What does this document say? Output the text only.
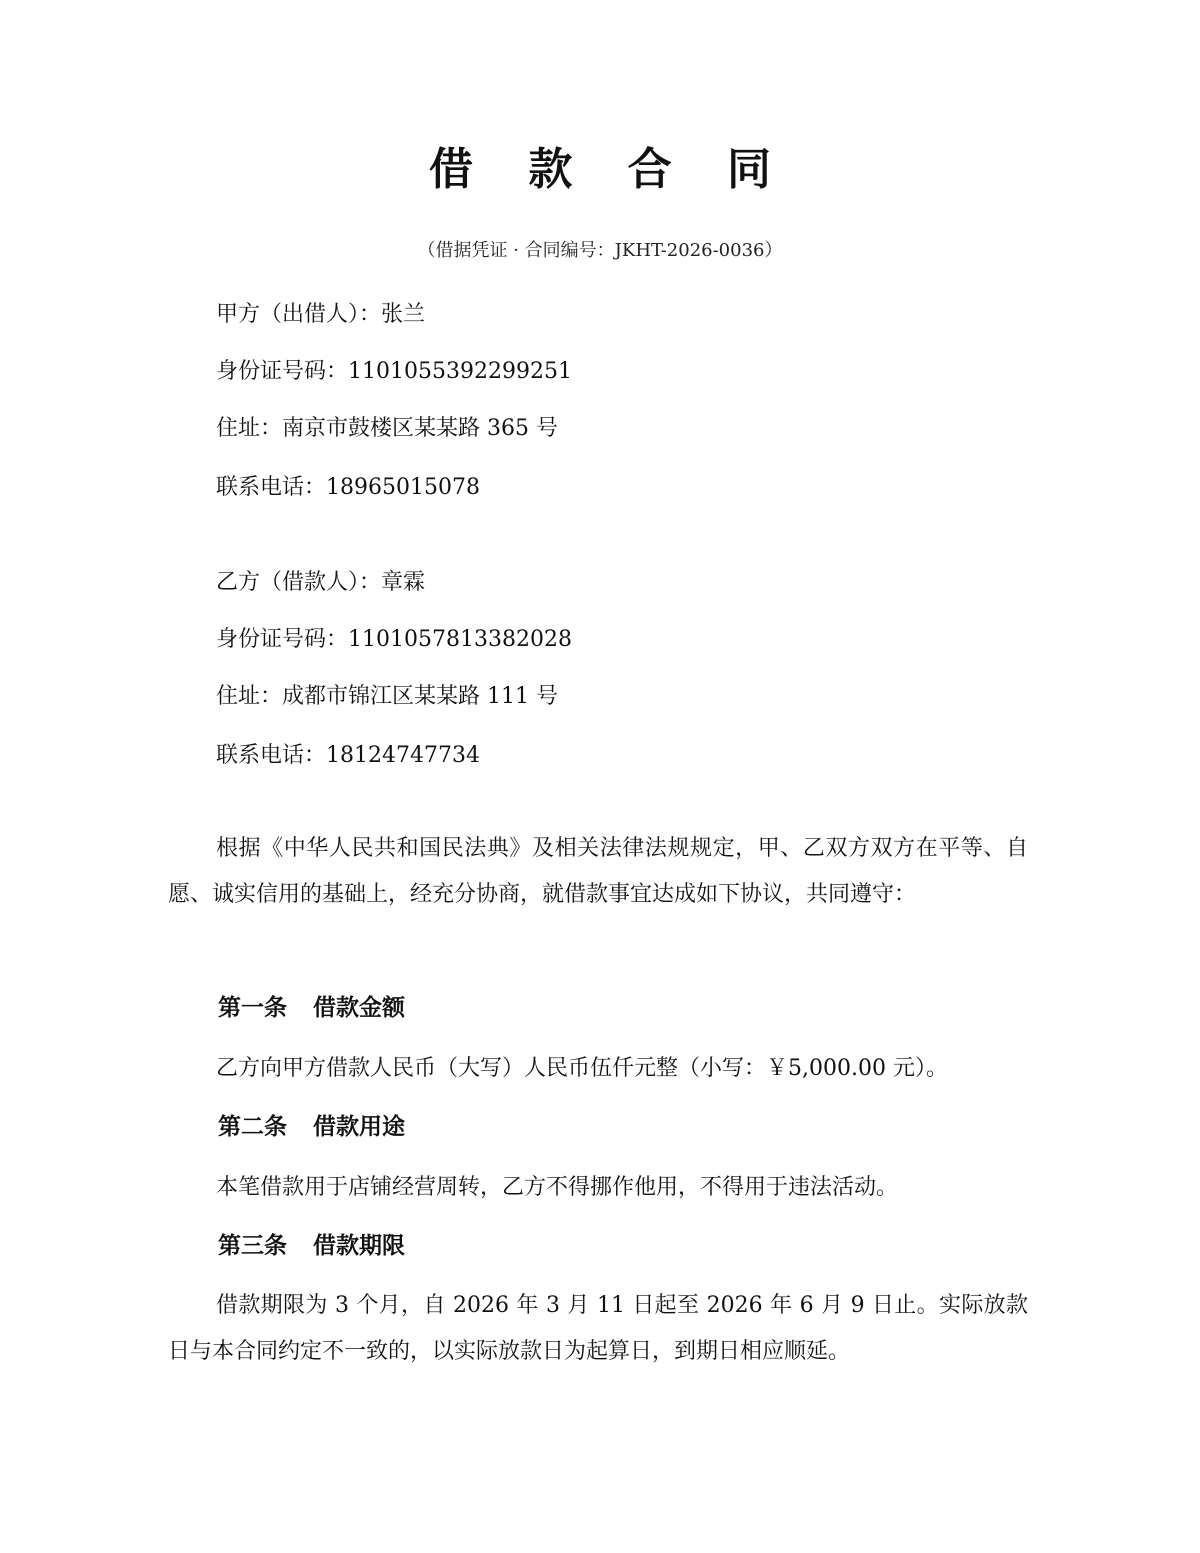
借 款 合 同
（借据凭证 · 合同编号：JKHT-2026-0036）
甲方（出借人）：张兰
身份证号码：1101055392299251
住址：南京市鼓楼区某某路 365 号
联系电话：18965015078
乙方（借款人）：章霖
身份证号码：1101057813382028
住址：成都市锦江区某某路 111 号
联系电话：18124747734
根据《中华人民共和国民法典》及相关法律法规规定，甲、乙双方双方在平等、自愿、诚实信用的基础上，经充分协商，就借款事宜达成如下协议，共同遵守：
第一条 借款金额
乙方向甲方借款人民币（大写）人民币伍仟元整（小写：￥5,000.00 元）。
第二条 借款用途
本笔借款用于店铺经营周转，乙方不得挪作他用，不得用于违法活动。
第三条 借款期限
借款期限为 3 个月，自 2026 年 3 月 11 日起至 2026 年 6 月 9 日止。实际放款日与本合同约定不一致的，以实际放款日为起算日，到期日相应顺延。
